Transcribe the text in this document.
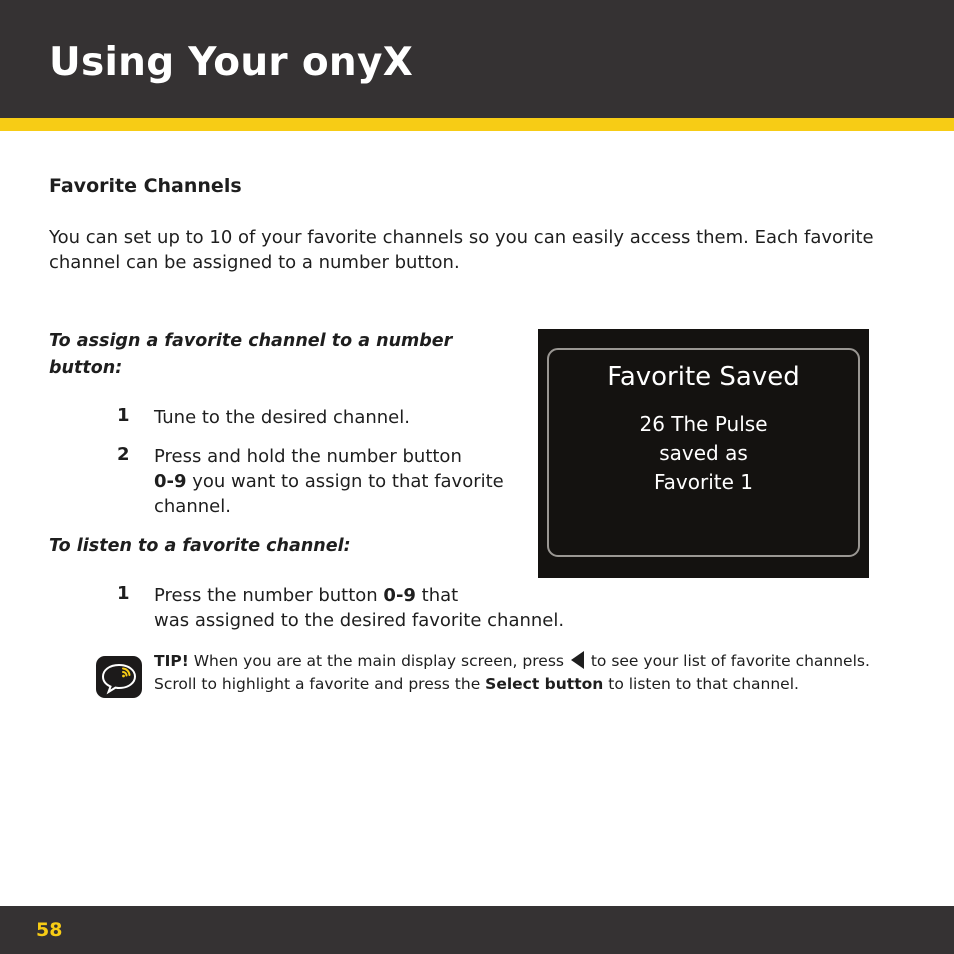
Using Your onyX
Favorite Channels

You can set up to 10 of your favorite channels so you can easily access them. Each favorite channel can be assigned to a number button.

To assign a favorite channel to a number
button:

1 Tune to the desired channel.

2 Press and hold the number button
0-9 you want to assign to that favorite
channel.

To listen to a favorite channel:

1 Press the number button 0-9 that
was assigned to the desired favorite channel.

Favorite Saved
26 The Pulse
saved as
Favorite 1

TIP! When you are at the main display screen, press  to see your list of favorite channels. Scroll to highlight a favorite and press the Select button to listen to that channel.

58
